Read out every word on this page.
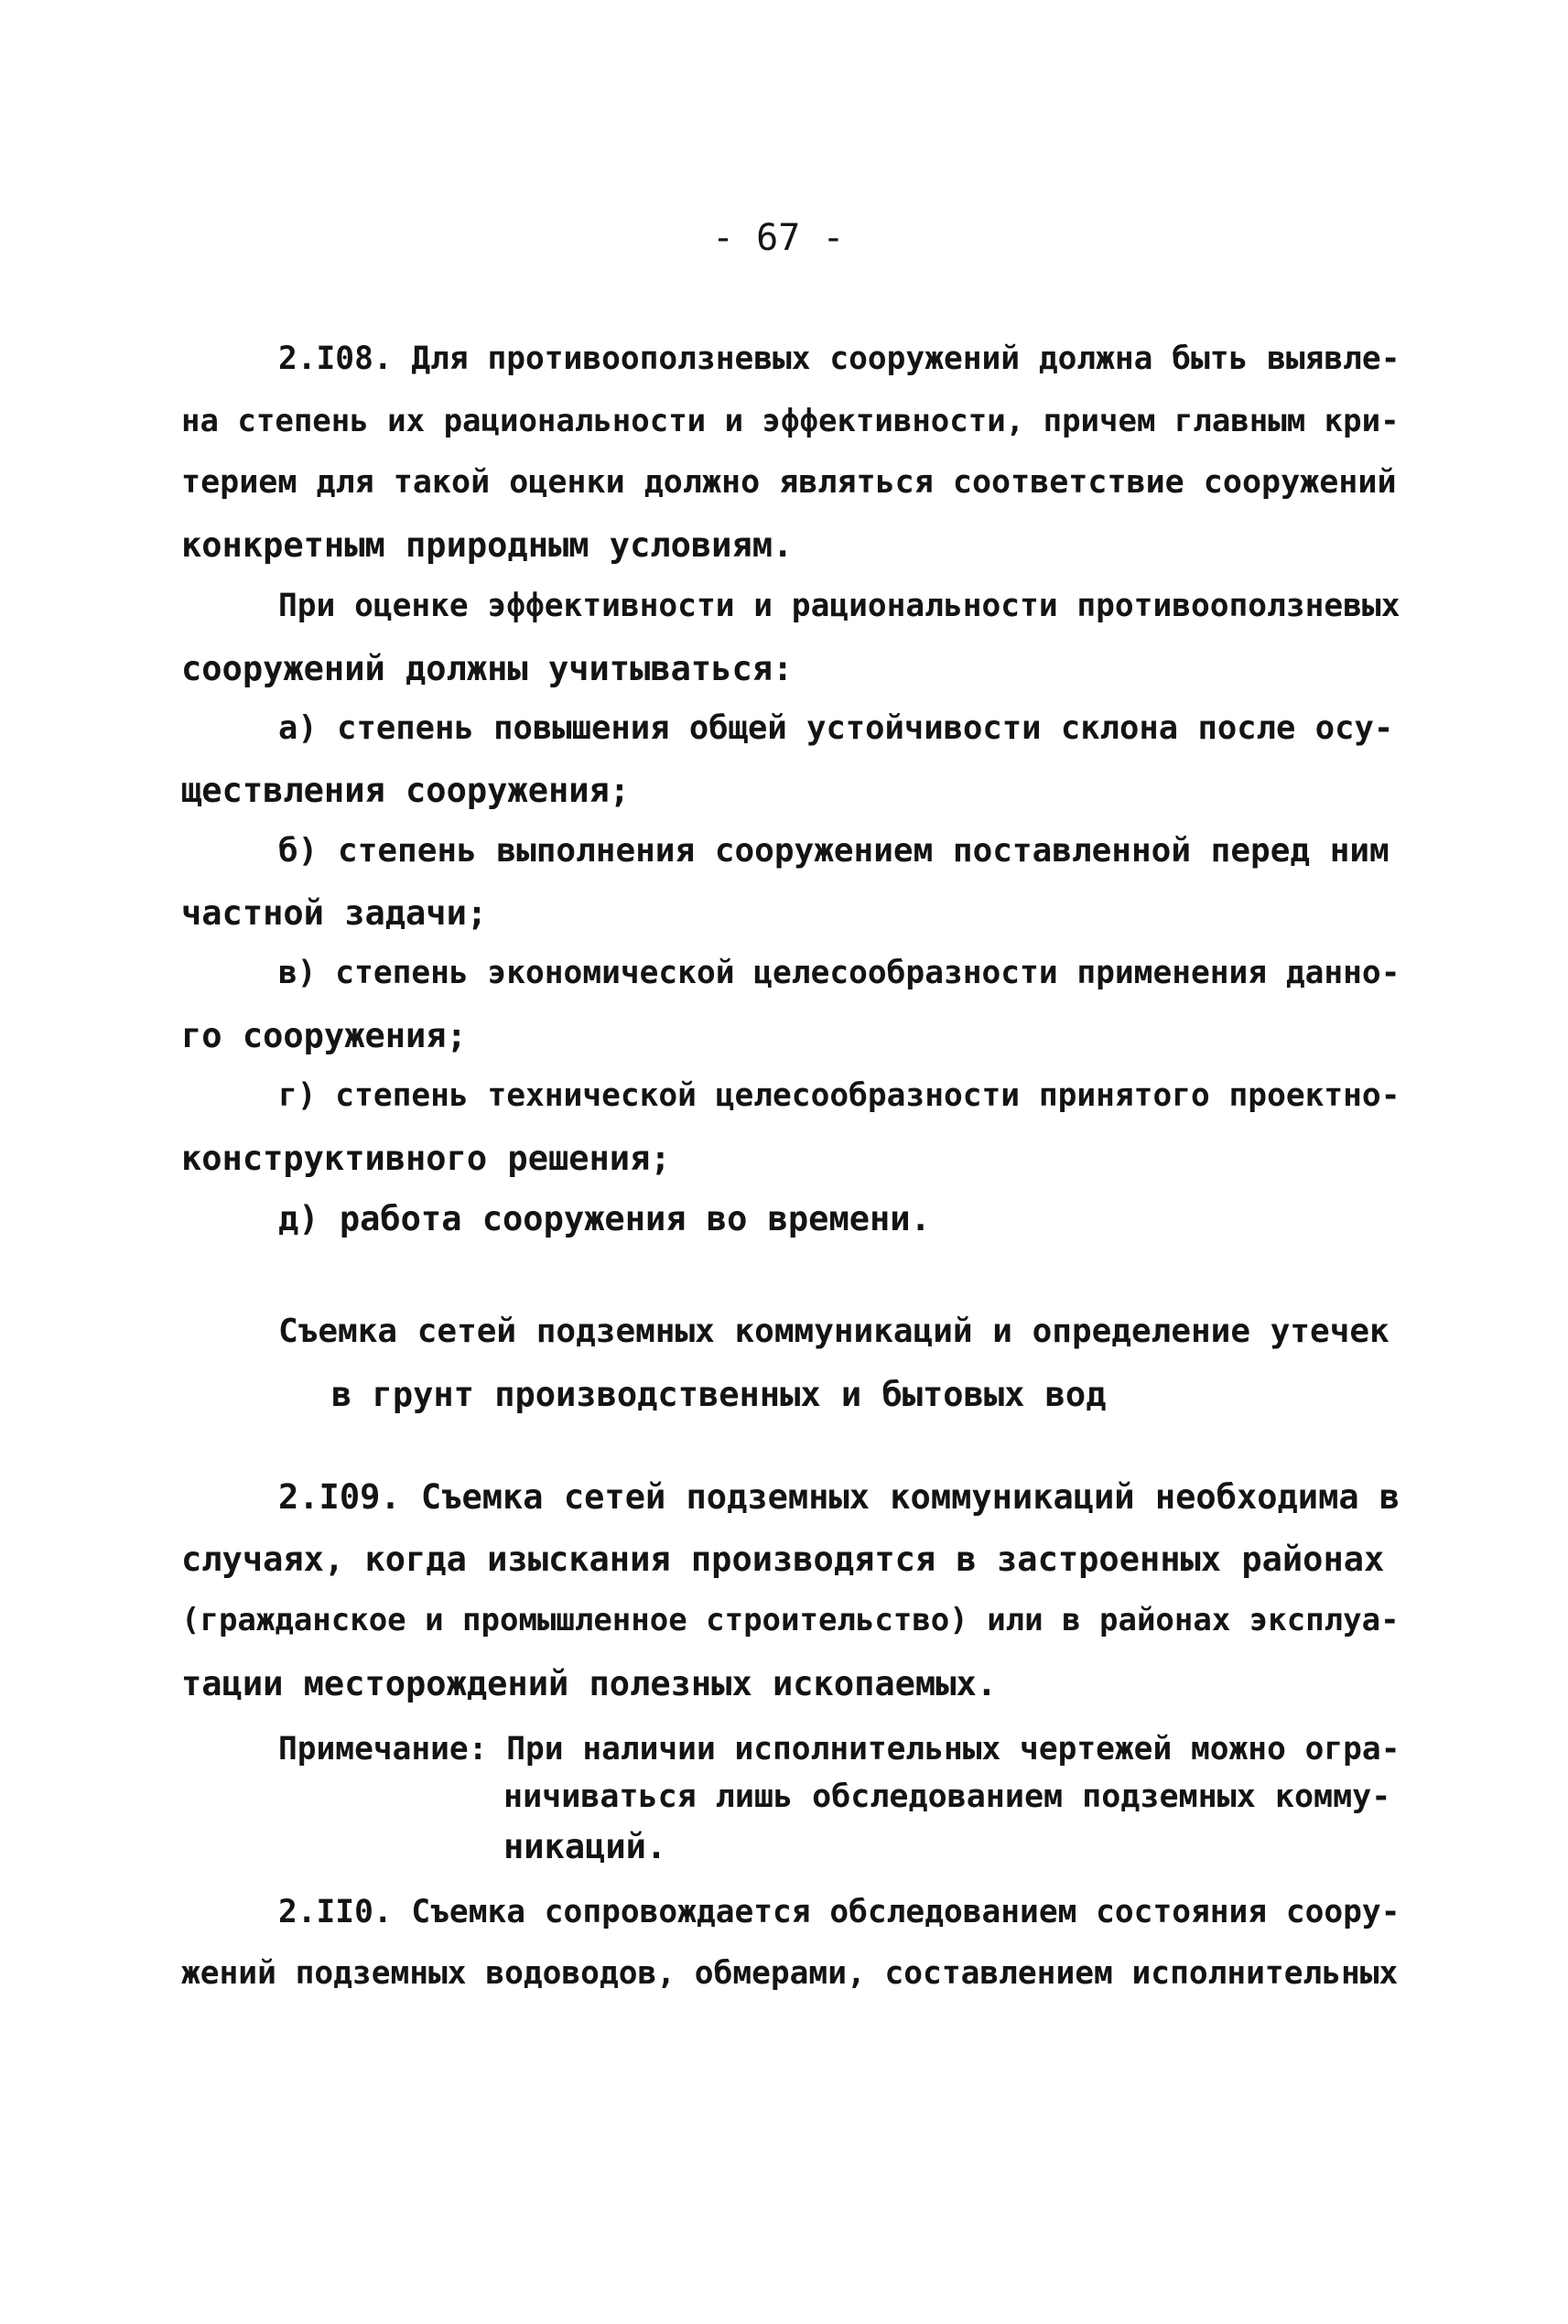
- 67 -
2.I08. Для противооползневых сооружений должна быть выявле-
на степень их рациональности и эффективности, причем главным кри-
терием для такой оценки должно являться соответствие сооружений
конкретным природным условиям.
При оценке эффективности и рациональности противооползневых
сооружений должны учитываться:
а) степень повышения общей устойчивости склона после осу-
ществления сооружения;
б) степень выполнения сооружением поставленной перед ним
частной задачи;
в) степень экономической целесообразности применения данно-
го сооружения;
г) степень технической целесообразности принятого проектно-
конструктивного решения;
д) работа сооружения во времени.
Съемка сетей подземных коммуникаций и определение утечек
в грунт производственных и бытовых вод
2.I09. Съемка сетей подземных коммуникаций необходима в
случаях, когда изыскания производятся в застроенных районах
(гражданское и промышленное строительство) или в районах эксплуа-
тации месторождений полезных ископаемых.
Примечание: При наличии исполнительных чертежей можно огра-
ничиваться лишь обследованием подземных комму-
никаций.
2.II0. Съемка сопровождается обследованием состояния соору-
жений подземных водоводов, обмерами, составлением исполнительных
